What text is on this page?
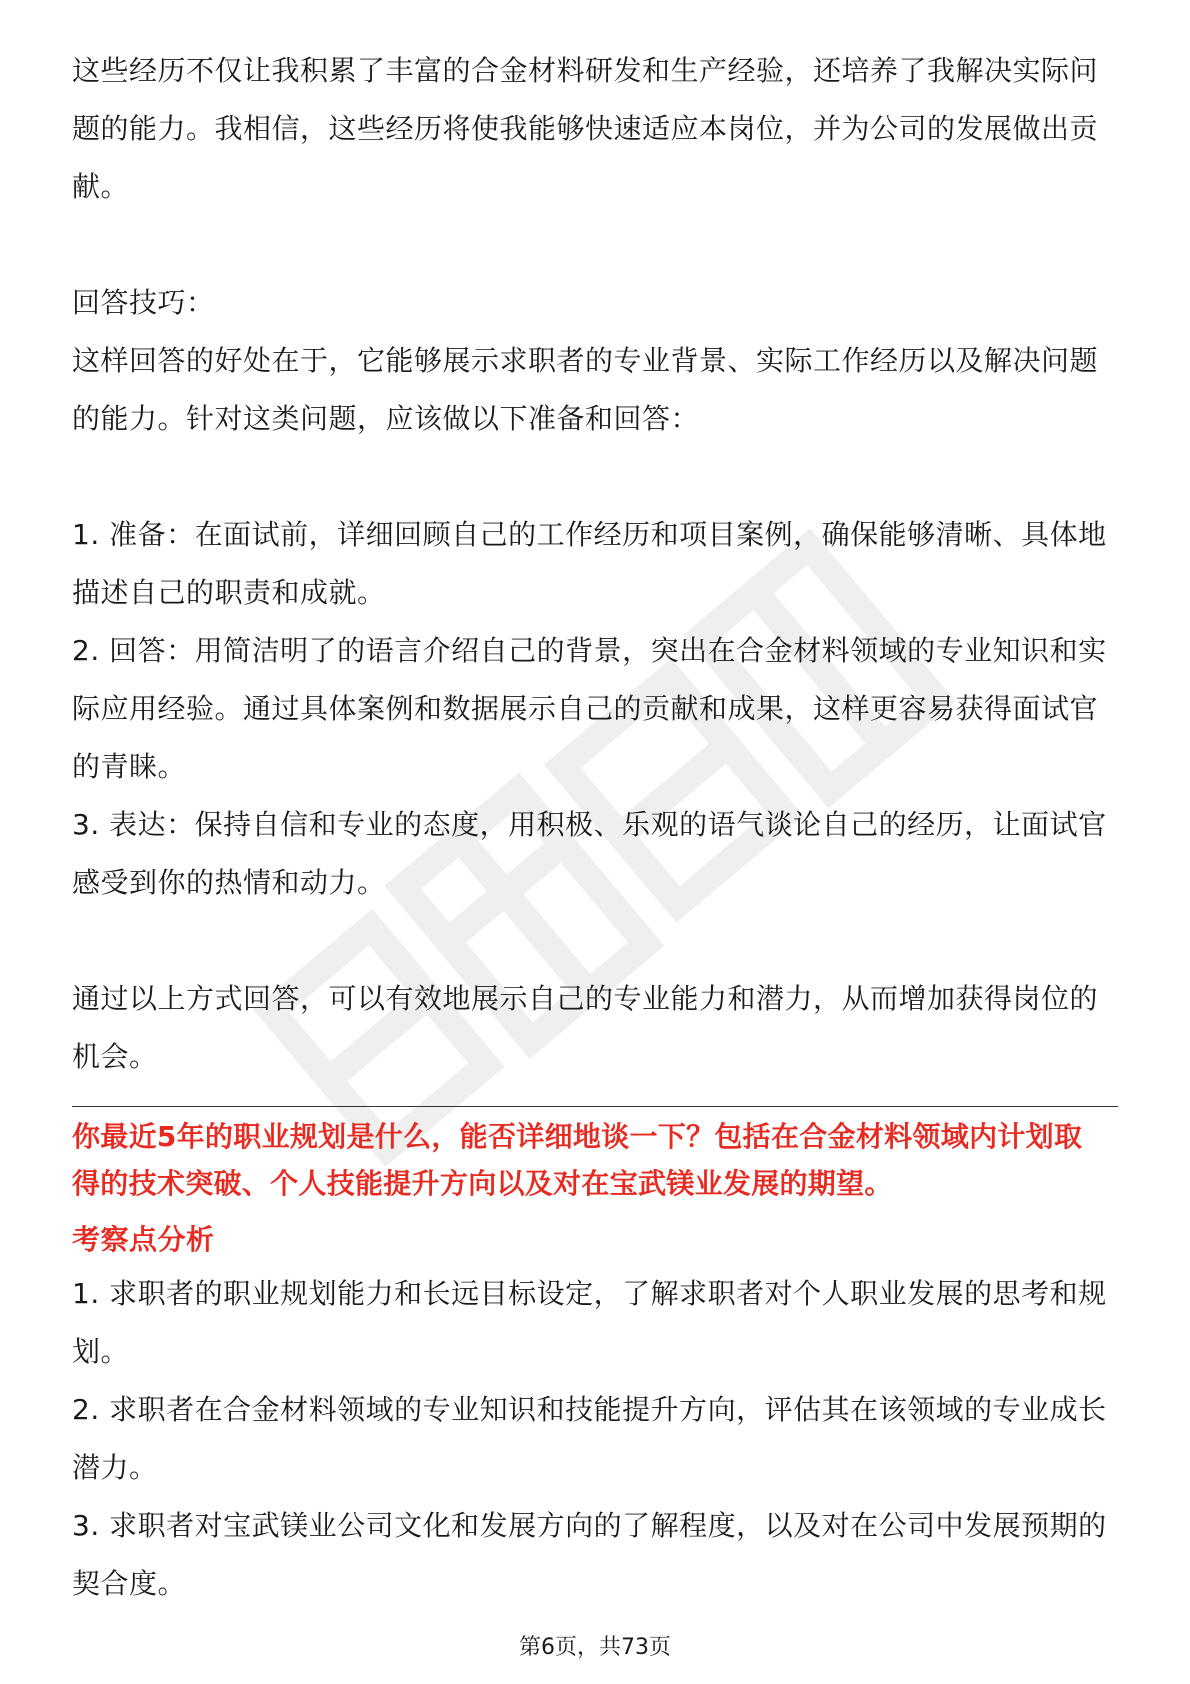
这些经历不仅让我积累了丰富的合金材料研发和生产经验，还培养了我解决实际问

题的能力。我相信，这些经历将使我能够快速适应本岗位，并为公司的发展做出贡

献。

回答技巧：

这样回答的好处在于，它能够展示求职者的专业背景、实际工作经历以及解决问题

的能力。针对这类问题，应该做以下准备和回答：

1. 准备：在面试前，详细回顾自己的工作经历和项目案例，确保能够清晰、具体地

描述自己的职责和成就。

2. 回答：用简洁明了的语言介绍自己的背景，突出在合金材料领域的专业知识和实

际应用经验。通过具体案例和数据展示自己的贡献和成果，这样更容易获得面试官

的青睐。

3. 表达：保持自信和专业的态度，用积极、乐观的语气谈论自己的经历，让面试官

感受到你的热情和动力。

通过以上方式回答，可以有效地展示自己的专业能力和潜力，从而增加获得岗位的

机会。

你最近5年的职业规划是什么，能否详细地谈一下？包括在合金材料领域内计划取

得的技术突破、个人技能提升方向以及对在宝武镁业发展的期望。

考察点分析

1. 求职者的职业规划能力和长远目标设定，了解求职者对个人职业发展的思考和规

划。

2. 求职者在合金材料领域的专业知识和技能提升方向，评估其在该领域的专业成长

潜力。

3. 求职者对宝武镁业公司文化和发展方向的了解程度，以及对在公司中发展预期的

契合度。

第6页，共73页
